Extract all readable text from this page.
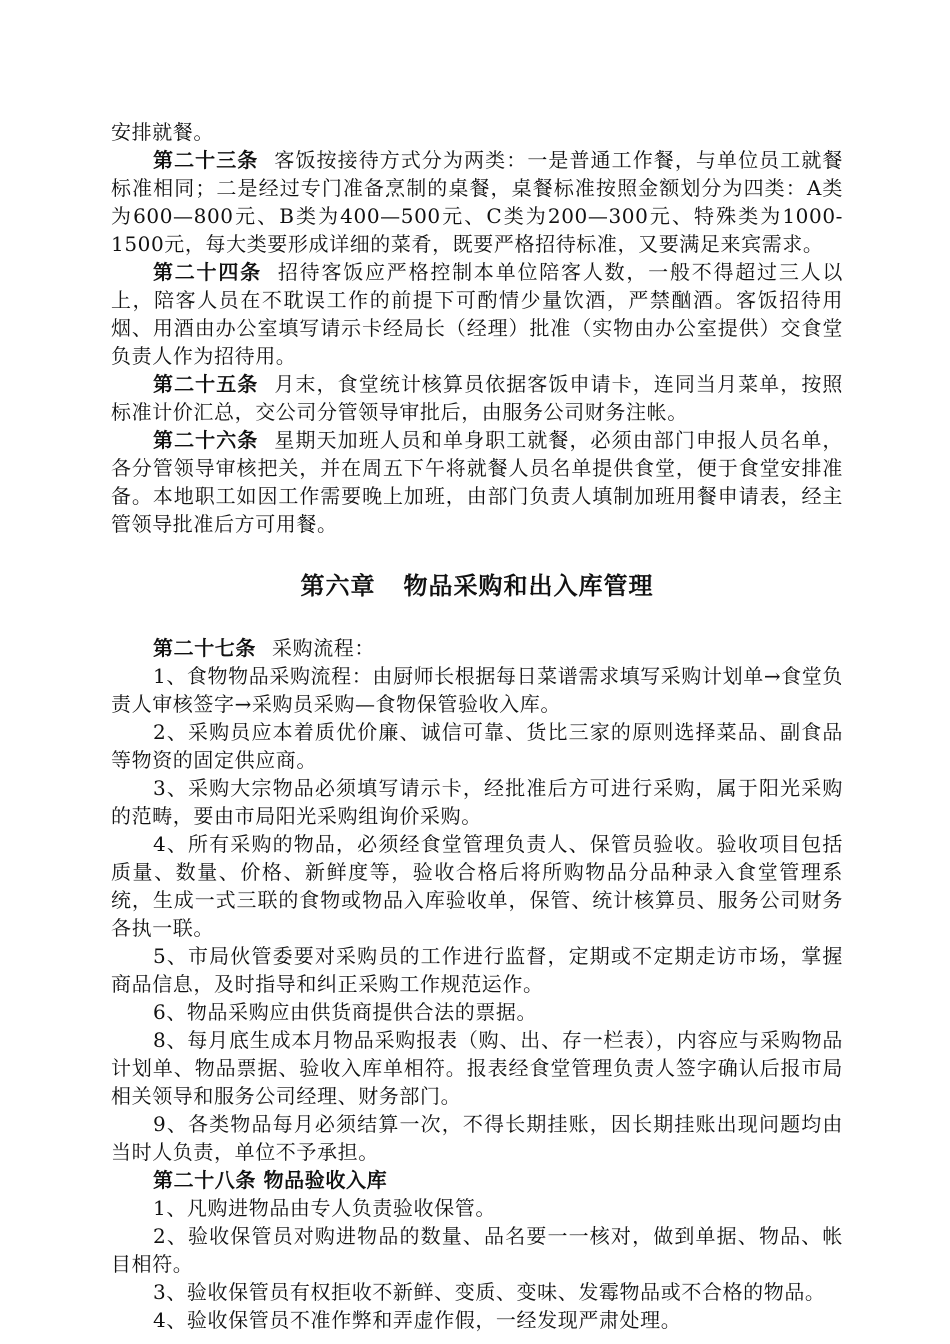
安排就餐。

第二十三条 客饭按接待方式分为两类：一是普通工作餐，与单位员工就餐标准相同；二是经过专门准备烹制的桌餐，桌餐标准按照金额划分为四类：A类为600—800元、B类为400—500元、C类为200—300元、特殊类为1000-1500元，每大类要形成详细的菜肴，既要严格招待标准，又要满足来宾需求。

第二十四条 招待客饭应严格控制本单位陪客人数，一般不得超过三人以上，陪客人员在不耽误工作的前提下可酌情少量饮酒，严禁酗酒。客饭招待用烟、用酒由办公室填写请示卡经局长（经理）批准（实物由办公室提供）交食堂负责人作为招待用。

第二十五条 月末，食堂统计核算员依据客饭申请卡，连同当月菜单，按照标准计价汇总，交公司分管领导审批后，由服务公司财务注帐。

第二十六条 星期天加班人员和单身职工就餐，必须由部门申报人员名单，各分管领导审核把关，并在周五下午将就餐人员名单提供食堂，便于食堂安排准备。本地职工如因工作需要晚上加班，由部门负责人填制加班用餐申请表，经主管领导批准后方可用餐。

第六章 物品采购和出入库管理

第二十七条 采购流程：

1、食物物品采购流程：由厨师长根据每日菜谱需求填写采购计划单→食堂负责人审核签字→采购员采购—食物保管验收入库。

2、采购员应本着质优价廉、诚信可靠、货比三家的原则选择菜品、副食品等物资的固定供应商。

3、采购大宗物品必须填写请示卡，经批准后方可进行采购，属于阳光采购的范畴，要由市局阳光采购组询价采购。

4、所有采购的物品，必须经食堂管理负责人、保管员验收。验收项目包括质量、数量、价格、新鲜度等，验收合格后将所购物品分品种录入食堂管理系统，生成一式三联的食物或物品入库验收单，保管、统计核算员、服务公司财务各执一联。

5、市局伙管委要对采购员的工作进行监督，定期或不定期走访市场，掌握商品信息，及时指导和纠正采购工作规范运作。

6、物品采购应由供货商提供合法的票据。

8、每月底生成本月物品采购报表（购、出、存一栏表），内容应与采购物品计划单、物品票据、验收入库单相符。报表经食堂管理负责人签字确认后报市局相关领导和服务公司经理、财务部门。

9、各类物品每月必须结算一次，不得长期挂账，因长期挂账出现问题均由当时人负责，单位不予承担。

第二十八条 物品验收入库

1、凡购进物品由专人负责验收保管。

2、验收保管员对购进物品的数量、品名要一一核对，做到单据、物品、帐目相符。

3、验收保管员有权拒收不新鲜、变质、变味、发霉物品或不合格的物品。

4、验收保管员不准作弊和弄虚作假，一经发现严肃处理。
